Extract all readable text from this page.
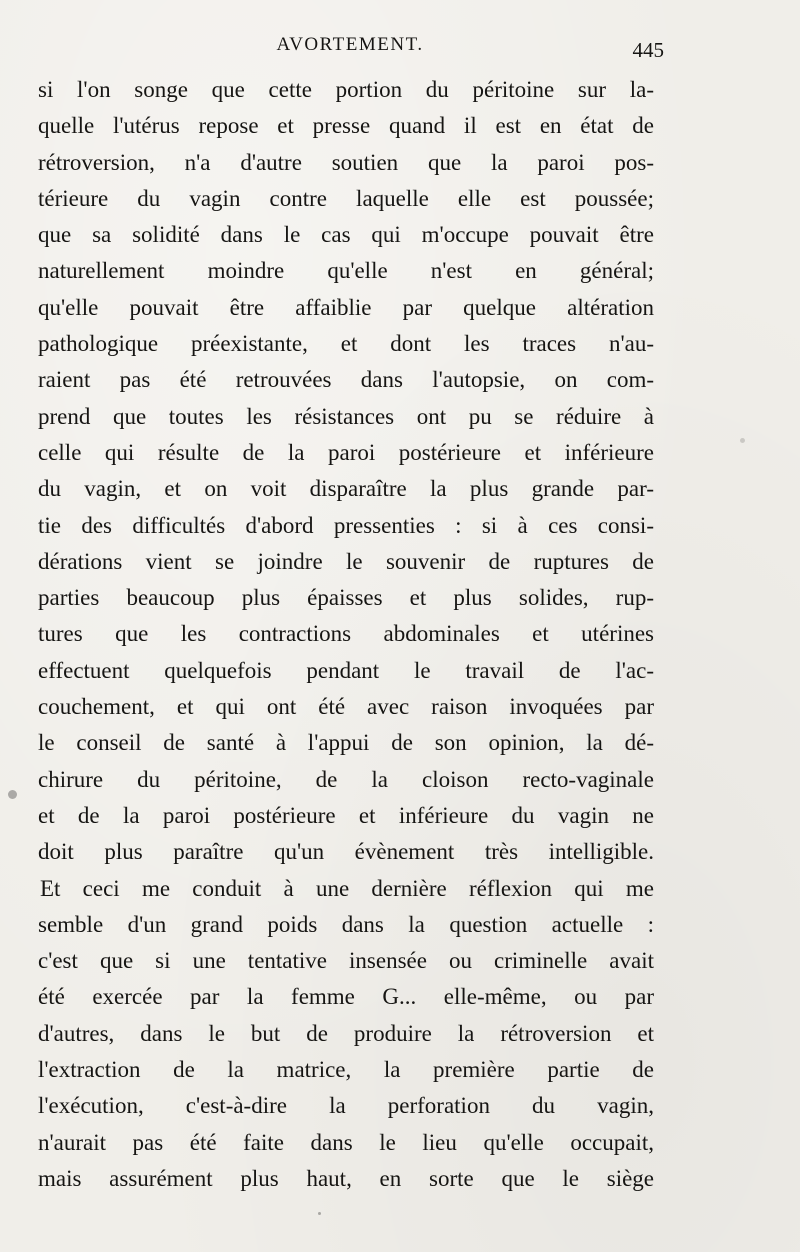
AVORTEMENT.	445
si l'on songe que cette portion du péritoine sur la-
quelle l'utérus repose et presse quand il est en état de
rétroversion, n'a d'autre soutien que la paroi pos-
térieure du vagin contre laquelle elle est poussée;
que sa solidité dans le cas qui m'occupe pouvait être
naturellement moindre qu'elle n'est en général;
qu'elle pouvait être affaiblie par quelque altération
pathologique préexistante, et dont les traces n'au-
raient pas été retrouvées dans l'autopsie, on com-
prend que toutes les résistances ont pu se réduire à
celle qui résulte de la paroi postérieure et inférieure
du vagin, et on voit disparaître la plus grande par-
tie des difficultés d'abord pressenties : si à ces consi-
dérations vient se joindre le souvenir de ruptures de
parties beaucoup plus épaisses et plus solides, rup-
tures que les contractions abdominales et utérines
effectuent quelquefois pendant le travail de l'ac-
couchement, et qui ont été avec raison invoquées par
le conseil de santé à l'appui de son opinion, la dé-
chirure du péritoine, de la cloison recto-vaginale
et de la paroi postérieure et inférieure du vagin ne
doit plus paraître qu'un évènement très intelligible.
Et ceci me conduit à une dernière réflexion qui me
semble d'un grand poids dans la question actuelle :
c'est que si une tentative insensée ou criminelle avait
été exercée par la femme G... elle-même, ou par
d'autres, dans le but de produire la rétroversion et
l'extraction de la matrice, la première partie de
l'exécution, c'est-à-dire la perforation du vagin,
n'aurait pas été faite dans le lieu qu'elle occupait,
mais assurément plus haut, en sorte que le siège
